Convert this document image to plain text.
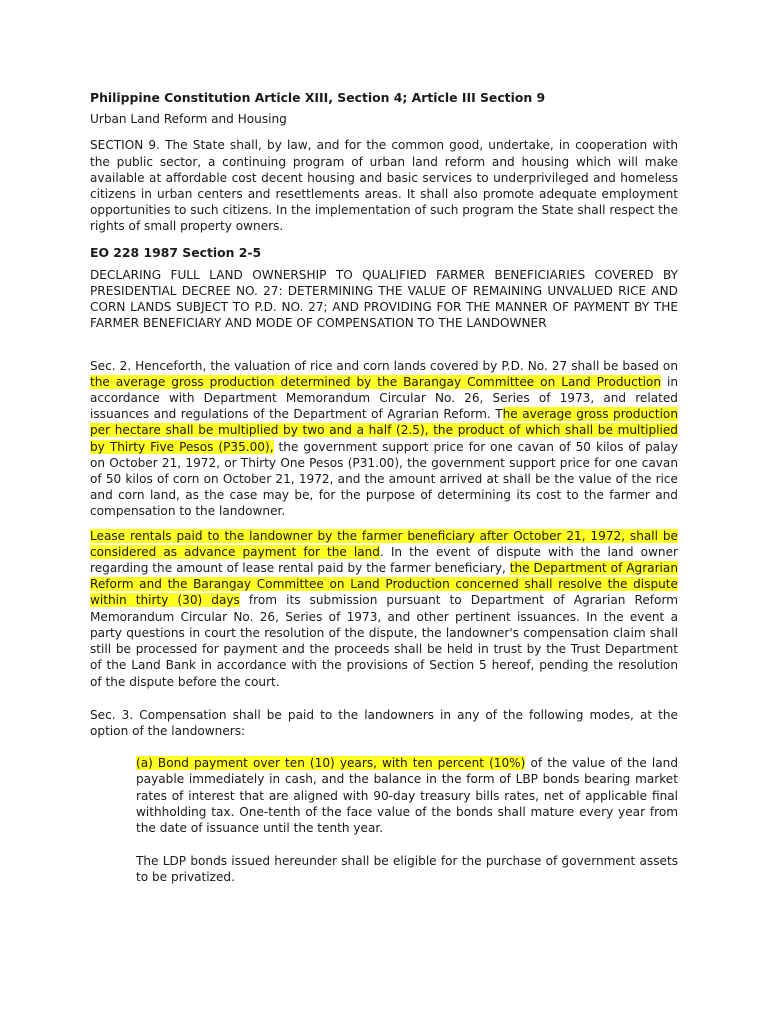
Philippine Constitution Article XIII, Section 4; Article III Section 9

Urban Land Reform and Housing

SECTION 9. The State shall, by law, and for the common good, undertake, in cooperation with the public sector, a continuing program of urban land reform and housing which will make available at affordable cost decent housing and basic services to underprivileged and homeless citizens in urban centers and resettlements areas. It shall also promote adequate employment opportunities to such citizens. In the implementation of such program the State shall respect the rights of small property owners.

EO 228 1987 Section 2-5

DECLARING FULL LAND OWNERSHIP TO QUALIFIED FARMER BENEFICIARIES COVERED BY PRESIDENTIAL DECREE NO. 27: DETERMINING THE VALUE OF REMAINING UNVALUED RICE AND CORN LANDS SUBJECT TO P.D. NO. 27; AND PROVIDING FOR THE MANNER OF PAYMENT BY THE FARMER BENEFICIARY AND MODE OF COMPENSATION TO THE LANDOWNER

Sec. 2. Henceforth, the valuation of rice and corn lands covered by P.D. No. 27 shall be based on the average gross production determined by the Barangay Committee on Land Production in accordance with Department Memorandum Circular No. 26, Series of 1973, and related issuances and regulations of the Department of Agrarian Reform. The average gross production per hectare shall be multiplied by two and a half (2.5), the product of which shall be multiplied by Thirty Five Pesos (P35.00), the government support price for one cavan of 50 kilos of palay on October 21, 1972, or Thirty One Pesos (P31.00), the government support price for one cavan of 50 kilos of corn on October 21, 1972, and the amount arrived at shall be the value of the rice and corn land, as the case may be, for the purpose of determining its cost to the farmer and compensation to the landowner.

Lease rentals paid to the landowner by the farmer beneficiary after October 21, 1972, shall be considered as advance payment for the land. In the event of dispute with the land owner regarding the amount of lease rental paid by the farmer beneficiary, the Department of Agrarian Reform and the Barangay Committee on Land Production concerned shall resolve the dispute within thirty (30) days from its submission pursuant to Department of Agrarian Reform Memorandum Circular No. 26, Series of 1973, and other pertinent issuances. In the event a party questions in court the resolution of the dispute, the landowner's compensation claim shall still be processed for payment and the proceeds shall be held in trust by the Trust Department of the Land Bank in accordance with the provisions of Section 5 hereof, pending the resolution of the dispute before the court.

Sec. 3. Compensation shall be paid to the landowners in any of the following modes, at the option of the landowners:

(a) Bond payment over ten (10) years, with ten percent (10%) of the value of the land payable immediately in cash, and the balance in the form of LBP bonds bearing market rates of interest that are aligned with 90-day treasury bills rates, net of applicable final withholding tax. One-tenth of the face value of the bonds shall mature every year from the date of issuance until the tenth year.

The LDP bonds issued hereunder shall be eligible for the purchase of government assets to be privatized.
